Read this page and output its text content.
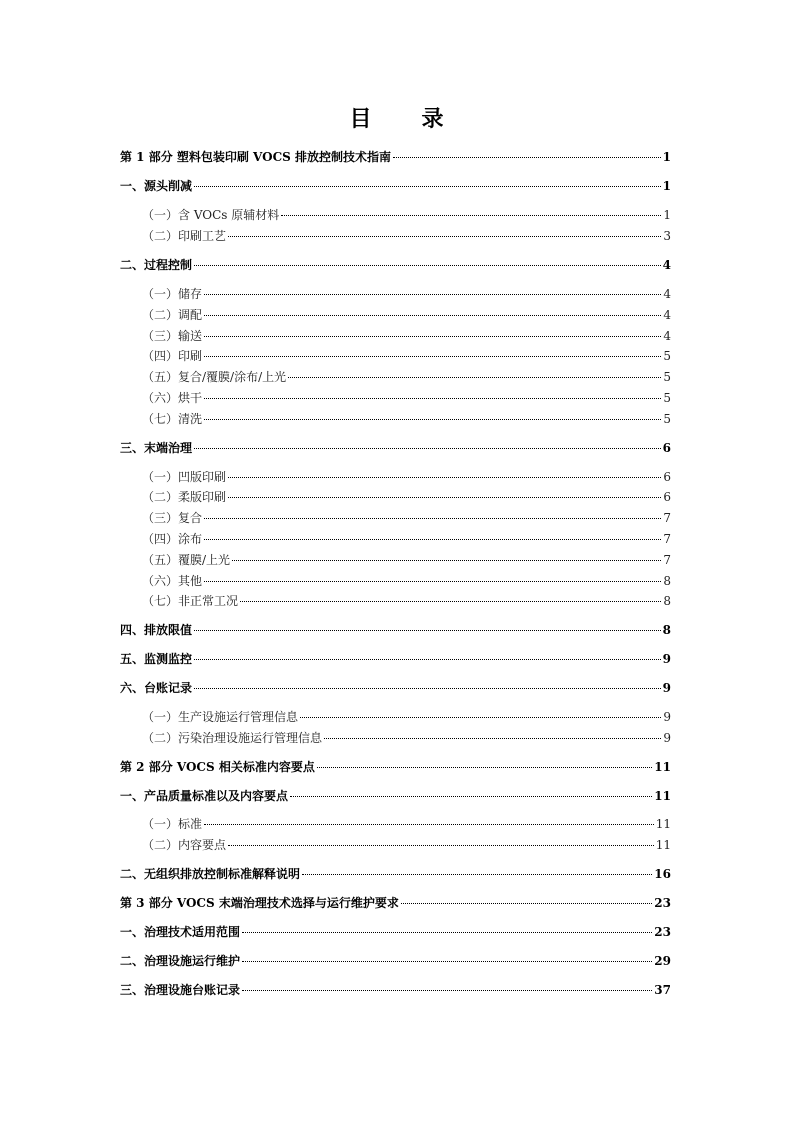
目　录
第 1 部分 塑料包装印刷 VOCS 排放控制技术指南	1
一、源头削减	1
（一）含 VOCs 原辅材料	1
（二）印刷工艺	3
二、过程控制	4
（一）储存	4
（二）调配	4
（三）输送	4
（四）印刷	5
（五）复合/覆膜/涂布/上光	5
（六）烘干	5
（七）清洗	5
三、末端治理	6
（一）凹版印刷	6
（二）柔版印刷	6
（三）复合	7
（四）涂布	7
（五）覆膜/上光	7
（六）其他	8
（七）非正常工况	8
四、排放限值	8
五、监测监控	9
六、台账记录	9
（一）生产设施运行管理信息	9
（二）污染治理设施运行管理信息	9
第 2 部分 VOCS 相关标准内容要点	11
一、产品质量标准以及内容要点	11
（一）标准	11
（二）内容要点	11
二、无组织排放控制标准解释说明	16
第 3 部分 VOCS 末端治理技术选择与运行维护要求	23
一、治理技术适用范围	23
二、治理设施运行维护	29
三、治理设施台账记录	37
